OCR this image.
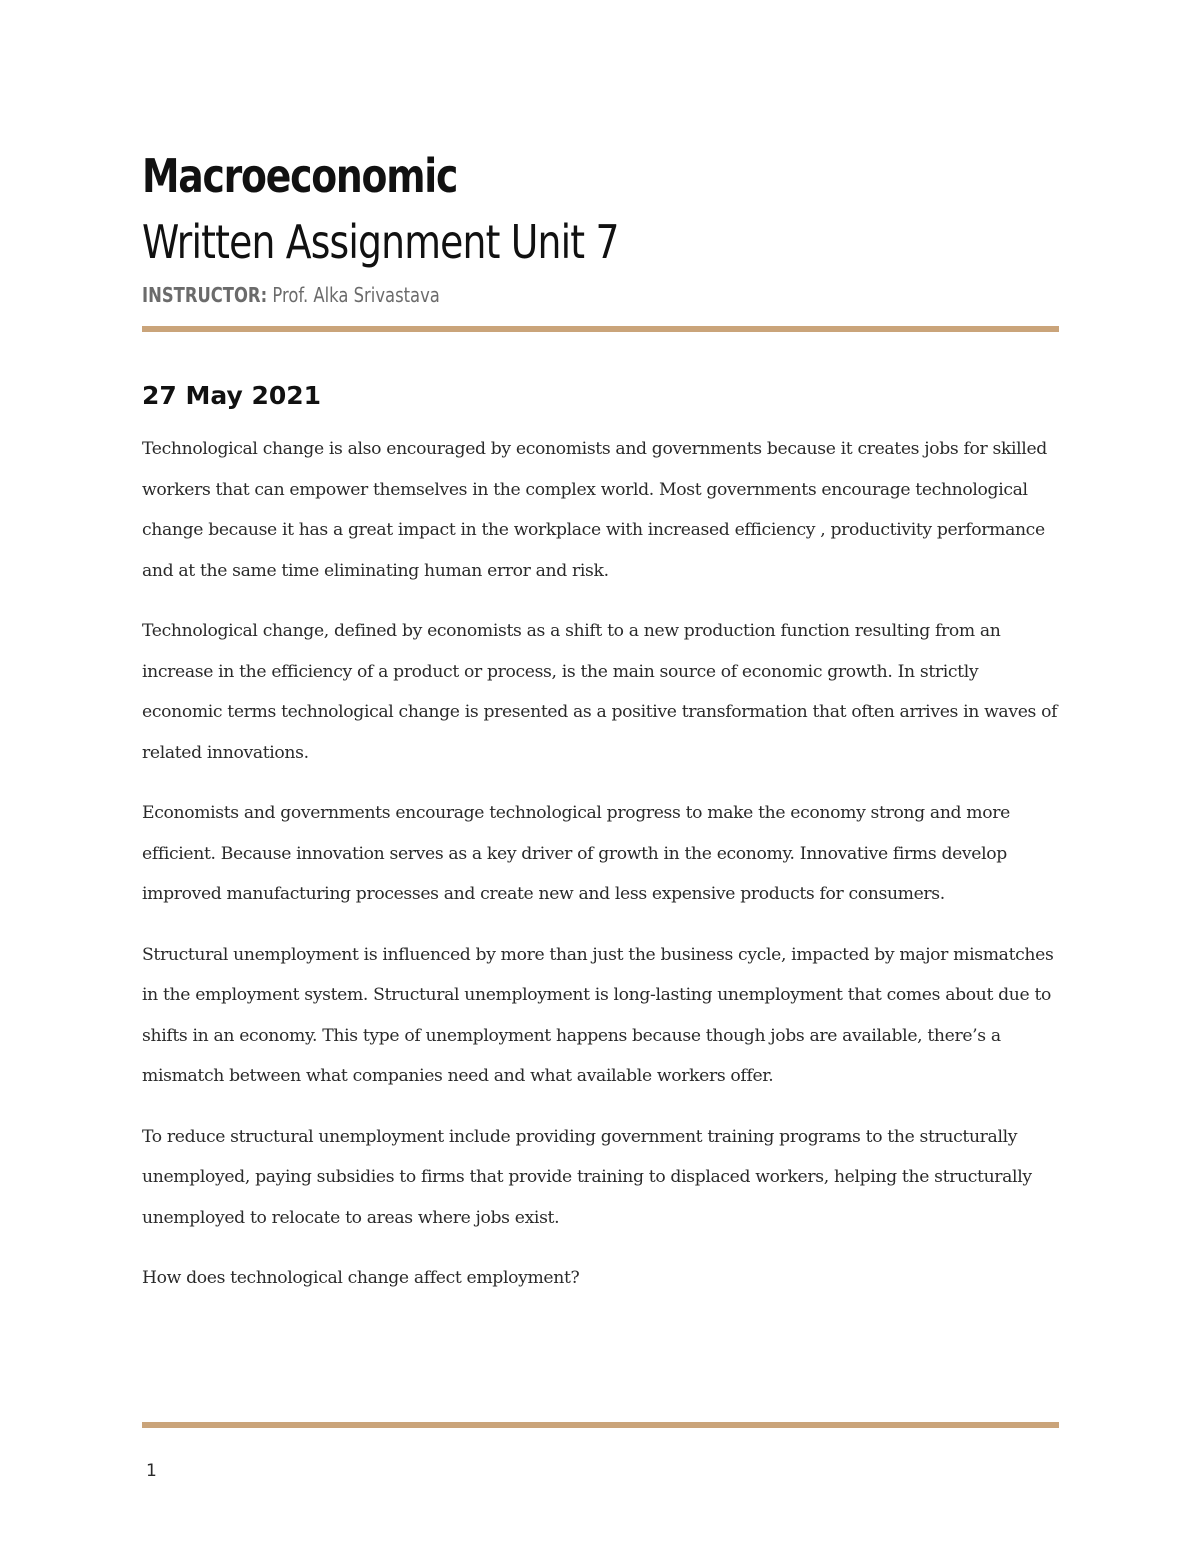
Macroeconomic
Written Assignment Unit 7
INSTRUCTOR: Prof. Alka Srivastava
27 May 2021

Technological change is also encouraged by economists and governments because it creates jobs for skilled workers that can empower themselves in the complex world. Most governments encourage technological change because it has a great impact in the workplace with increased efficiency , productivity performance and at the same time eliminating human error and risk.

Technological change, defined by economists as a shift to a new production function resulting from an increase in the efficiency of a product or process, is the main source of economic growth. In strictly economic terms technological change is presented as a positive transformation that often arrives in waves of related innovations.

Economists and governments encourage technological progress to make the economy strong and more efficient. Because innovation serves as a key driver of growth in the economy. Innovative firms develop improved manufacturing processes and create new and less expensive products for consumers.

Structural unemployment is influenced by more than just the business cycle, impacted by major mismatches in the employment system. Structural unemployment is long-lasting unemployment that comes about due to shifts in an economy. This type of unemployment happens because though jobs are available, there’s a mismatch between what companies need and what available workers offer.

To reduce structural unemployment include providing government training programs to the structurally unemployed, paying subsidies to firms that provide training to displaced workers, helping the structurally unemployed to relocate to areas where jobs exist.

How does technological change affect employment?

1
